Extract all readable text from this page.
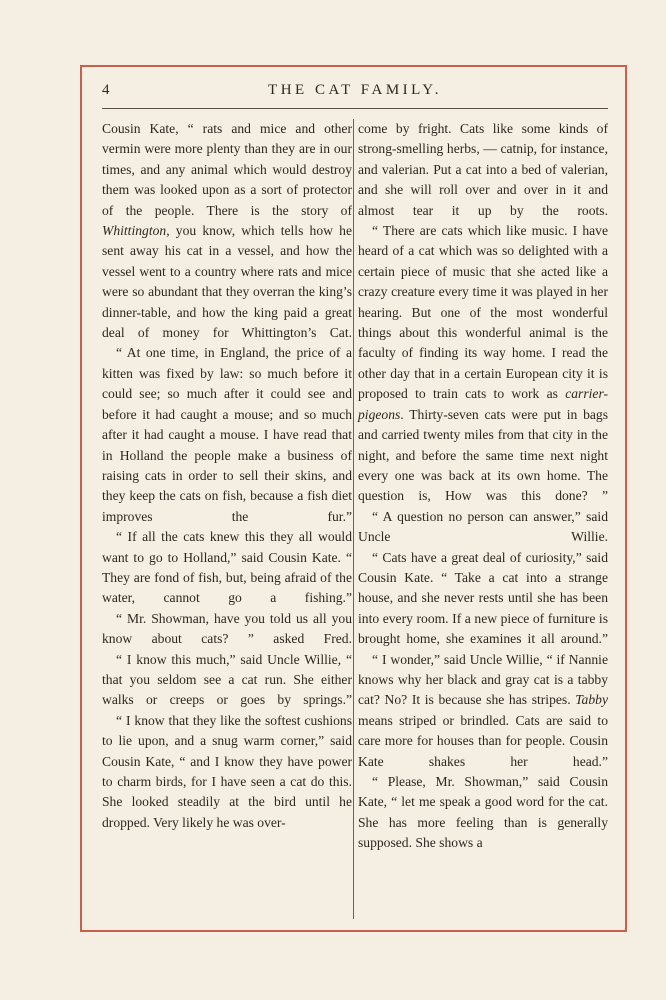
4	THE CAT FAMILY.

Cousin Kate, “ rats and mice and other vermin were more plenty than they are in our times, and any animal which would destroy them was looked upon as a sort of protector of the people. There is the story of Whittington, you know, which tells how he sent away his cat in a vessel, and how the vessel went to a country where rats and mice were so abundant that they overran the king’s dinner-table, and how the king paid a great deal of money for Whittington’s Cat.

“ At one time, in England, the price of a kitten was fixed by law: so much before it could see; so much after it could see and before it had caught a mouse; and so much after it had caught a mouse. I have read that in Holland the people make a business of raising cats in order to sell their skins, and they keep the cats on fish, because a fish diet improves the fur.”

“ If all the cats knew this they all would want to go to Holland,” said Cousin Kate. “ They are fond of fish, but, being afraid of the water, cannot go a fishing.”

“ Mr. Showman, have you told us all you know about cats? ” asked Fred.

“ I know this much,” said Uncle Willie, “ that you seldom see a cat run. She either walks or creeps or goes by springs.”

“ I know that they like the softest cushions to lie upon, and a snug warm corner,” said Cousin Kate, “ and I know they have power to charm birds, for I have seen a cat do this. She looked steadily at the bird until he dropped. Very likely he was over-

come by fright. Cats like some kinds of strong-smelling herbs, — catnip, for instance, and valerian. Put a cat into a bed of valerian, and she will roll over and over in it and almost tear it up by the roots.

“ There are cats which like music. I have heard of a cat which was so delighted with a certain piece of music that she acted like a crazy creature every time it was played in her hearing. But one of the most wonderful things about this wonderful animal is the faculty of finding its way home. I read the other day that in a certain European city it is proposed to train cats to work as carrier-pigeons. Thirty-seven cats were put in bags and carried twenty miles from that city in the night, and before the same time next night every one was back at its own home. The question is, How was this done? ”

“ A question no person can answer,” said Uncle Willie.

“ Cats have a great deal of curiosity,” said Cousin Kate. “ Take a cat into a strange house, and she never rests until she has been into every room. If a new piece of furniture is brought home, she examines it all around.”

“ I wonder,” said Uncle Willie, “ if Nannie knows why her black and gray cat is a tabby cat? No? It is because she has stripes. Tabby means striped or brindled. Cats are said to care more for houses than for people. Cousin Kate shakes her head.”

“ Please, Mr. Showman,” said Cousin Kate, “ let me speak a good word for the cat. She has more feeling than is generally supposed. She shows a
